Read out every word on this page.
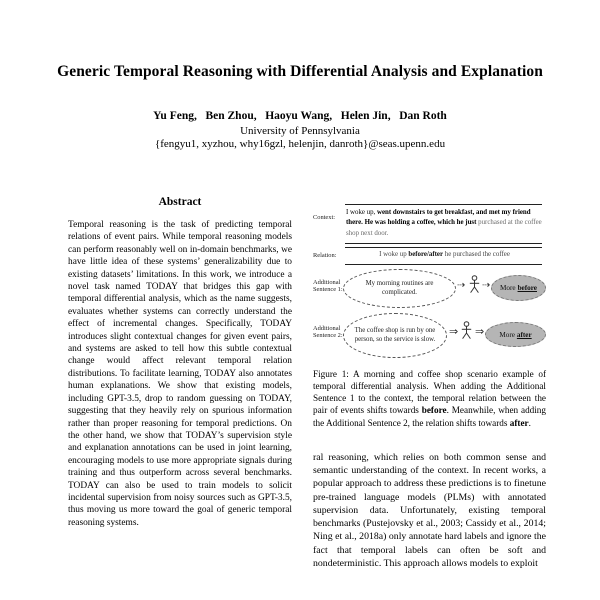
Generic Temporal Reasoning with Differential Analysis and Explanation
Yu Feng,   Ben Zhou,   Haoyu Wang,   Helen Jin,   Dan Roth
University of Pennsylvania
{fengyu1, xyzhou, why16gzl, helenjin, danroth}@seas.upenn.edu
Abstract

Temporal reasoning is the task of predicting temporal relations of event pairs. While temporal reasoning models can perform reasonably well on in-domain benchmarks, we have little idea of these systems’ generalizability due to existing datasets’ limitations. In this work, we introduce a novel task named TODAY that bridges this gap with temporal differential analysis, which as the name suggests, evaluates whether systems can correctly understand the effect of incremental changes. Specifically, TODAY introduces slight contextual changes for given event pairs, and systems are asked to tell how this subtle contextual change would affect relevant temporal relation distributions. To facilitate learning, TODAY also annotates human explanations. We show that existing models, including GPT-3.5, drop to random guessing on TODAY, suggesting that they heavily rely on spurious information rather than proper reasoning for temporal predictions. On the other hand, we show that TODAY’s supervision style and explanation annotations can be used in joint learning, encouraging models to use more appropriate signals during training and thus outperform across several benchmarks. TODAY can also be used to train models to solicit incidental supervision from noisy sources such as GPT-3.5, thus moving us more toward the goal of generic temporal reasoning systems.

Context:
I woke up, went downstairs to get breakfast, and met my friend there. He was holding a coffee, which he just purchased at the coffee shop next door.
Relation:	I woke up before/after he purchased the coffee
Additional
Sentence 1:
My morning routines are complicated.
⇢ ⇢ More before
Additional
Sentence 2:
The coffee shop is run by one person, so the service is slow.
⇒ ⇒ More after

Figure 1: A morning and coffee shop scenario example of temporal differential analysis. When adding the Additional Sentence 1 to the context, the temporal relation between the pair of events shifts towards before. Meanwhile, when adding the Additional Sentence 2, the relation shifts towards after.

ral reasoning, which relies on both common sense and semantic understanding of the context. In recent works, a popular approach to address these predictions is to finetune pre-trained language models (PLMs) with annotated supervision data. Unfortunately, existing temporal benchmarks (Pustejovsky et al., 2003; Cassidy et al., 2014; Ning et al., 2018a) only annotate hard labels and ignore the fact that temporal labels can often be soft and nondeterministic. This approach allows models to exploit
